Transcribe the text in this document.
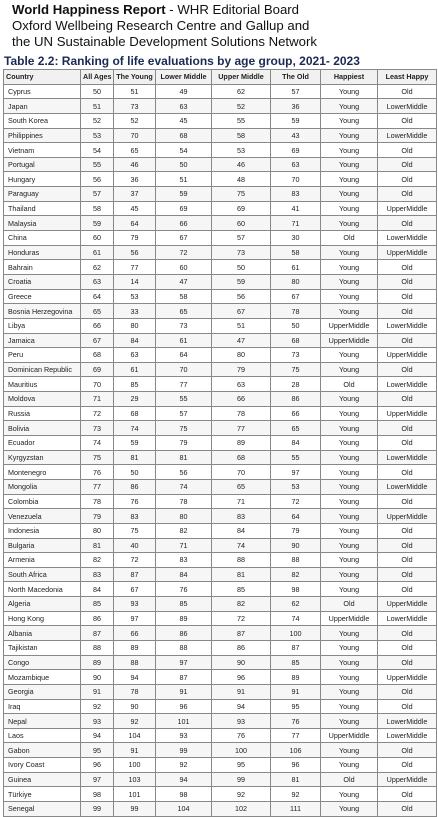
World Happiness Report - WHR Editorial Board
Oxford Wellbeing Research Centre and Gallup and
the UN Sustainable Development Solutions Network
Table 2.2: Ranking of life evaluations by age group, 2021- 2023
Country	All Ages	The Young	Lower Middle	Upper Middle	The Old	Happiest	Least Happy
Cyprus	50	51	49	62	57	Young	Old
Japan	51	73	63	52	36	Young	LowerMiddle
South Korea	52	52	45	55	59	Young	Old
Philippines	53	70	68	58	43	Young	LowerMiddle
Vietnam	54	65	54	53	69	Young	Old
Portugal	55	46	50	46	63	Young	Old
Hungary	56	36	51	48	70	Young	Old
Paraguay	57	37	59	75	83	Young	Old
Thailand	58	45	69	69	41	Young	UpperMiddle
Malaysia	59	64	66	60	71	Young	Old
China	60	79	67	57	30	Old	LowerMiddle
Honduras	61	56	72	73	58	Young	UpperMiddle
Bahrain	62	77	60	50	61	Young	Old
Croatia	63	14	47	59	80	Young	Old
Greece	64	53	58	56	67	Young	Old
Bosnia Herzegovina	65	33	65	67	78	Young	Old
Libya	66	80	73	51	50	UpperMiddle	LowerMiddle
Jamaica	67	84	61	47	68	UpperMiddle	Old
Peru	68	63	64	80	73	Young	UpperMiddle
Dominican Republic	69	61	70	79	75	Young	Old
Mauritius	70	85	77	63	28	Old	LowerMiddle
Moldova	71	29	55	66	86	Young	Old
Russia	72	68	57	78	66	Young	UpperMiddle
Bolivia	73	74	75	77	65	Young	Old
Ecuador	74	59	79	89	84	Young	Old
Kyrgyzstan	75	81	81	68	55	Young	LowerMiddle
Montenegro	76	50	56	70	97	Young	Old
Mongolia	77	86	74	65	53	Young	LowerMiddle
Colombia	78	76	78	71	72	Young	Old
Venezuela	79	83	80	83	64	Young	UpperMiddle
Indonesia	80	75	82	84	79	Young	Old
Bulgaria	81	40	71	74	90	Young	Old
Armenia	82	72	83	88	88	Young	Old
South Africa	83	87	84	81	82	Young	Old
North Macedonia	84	67	76	85	98	Young	Old
Algeria	85	93	85	82	62	Old	UpperMiddle
Hong Kong	86	97	89	72	74	UpperMiddle	LowerMiddle
Albania	87	66	86	87	100	Young	Old
Tajikistan	88	89	88	86	87	Young	Old
Congo	89	88	97	90	85	Young	Old
Mozambique	90	94	87	96	89	Young	UpperMiddle
Georgia	91	78	91	91	91	Young	Old
Iraq	92	90	96	94	95	Young	Old
Nepal	93	92	101	93	76	Young	LowerMiddle
Laos	94	104	93	76	77	UpperMiddle	LowerMiddle
Gabon	95	91	99	100	106	Young	Old
Ivory Coast	96	100	92	95	96	Young	Old
Guinea	97	103	94	99	81	Old	UpperMiddle
Türkiye	98	101	98	92	92	Young	Old
Senegal	99	99	104	102	111	Young	Old
